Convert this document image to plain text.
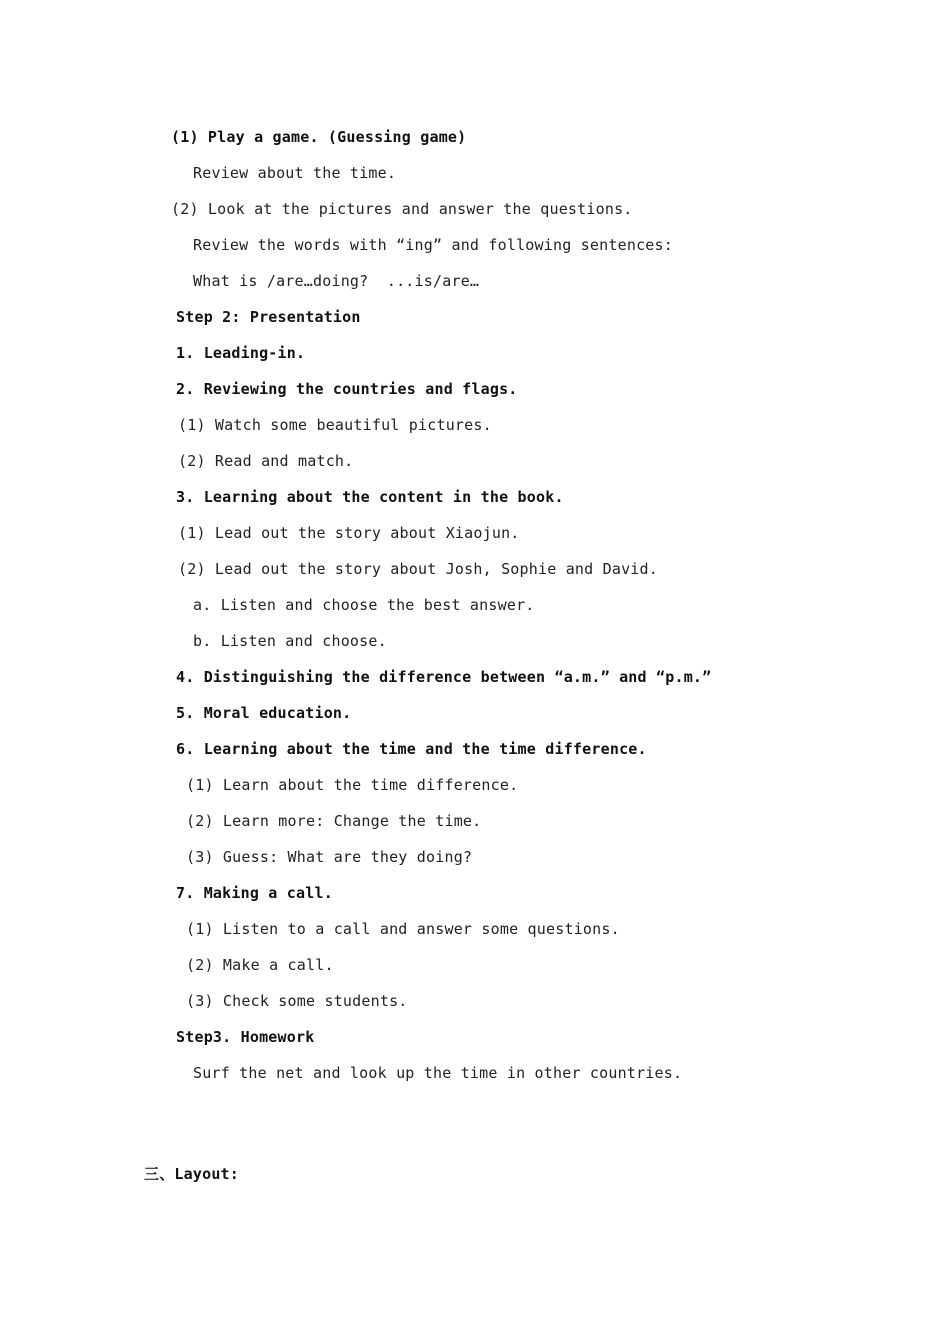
(1) Play a game. (Guessing game)
Review about the time.
(2) Look at the pictures and answer the questions.
Review the words with “ing” and following sentences:
What is /are…doing?  ...is/are…
Step 2: Presentation
1. Leading-in.
2. Reviewing the countries and flags.
(1) Watch some beautiful pictures.
(2) Read and match.
3. Learning about the content in the book.
(1) Lead out the story about Xiaojun.
(2) Lead out the story about Josh, Sophie and David.
a. Listen and choose the best answer.
b. Listen and choose.
4. Distinguishing the difference between “a.m.” and “p.m.”
5. Moral education.
6. Learning about the time and the time difference.
(1) Learn about the time difference.
(2) Learn more: Change the time.
(3) Guess: What are they doing?
7. Making a call.
(1) Listen to a call and answer some questions.
(2) Make a call.
(3) Check some students.
Step3. Homework
Surf the net and look up the time in other countries.
三、Layout:
